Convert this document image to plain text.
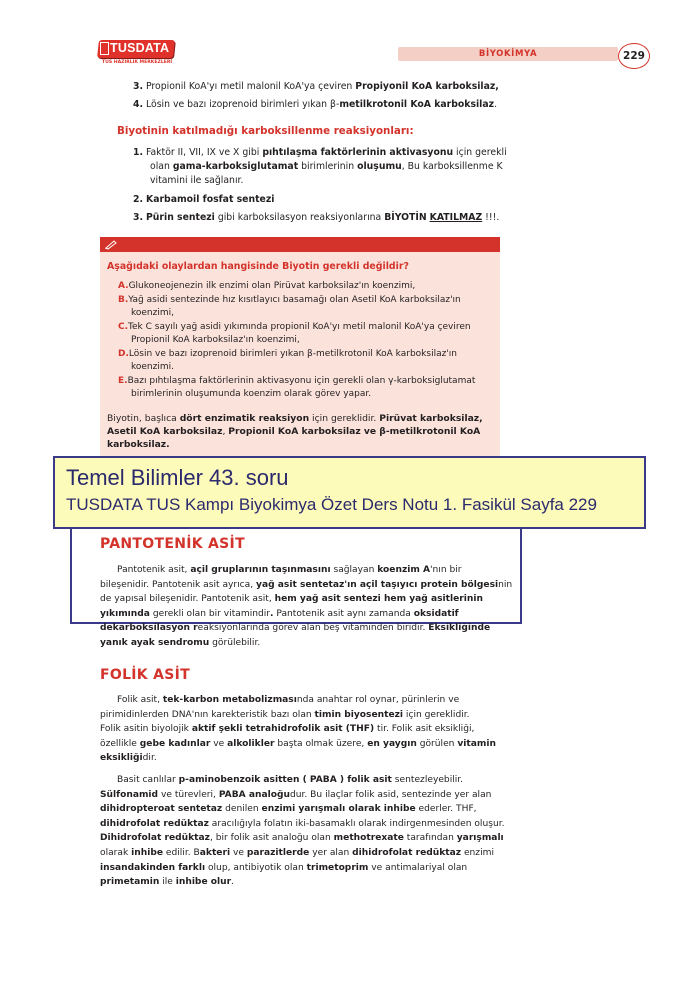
TUSDATA
TUS HAZIRLIK MERKEZLERİ
BİYOKİMYA	229
3. Propionil KoA'yı metil malonil KoA'ya çeviren Propiyonil KoA karboksilaz,
4. Lösin ve bazı izoprenoid birimleri yıkan β-metilkrotonil KoA karboksilaz.
Biyotinin katılmadığı karboksillenme reaksiyonları:
1. Faktör II, VII, IX ve X gibi pıhtılaşma faktörlerinin aktivasyonu için gerekli
olan gama-karboksiglutamat birimlerinin oluşumu, Bu karboksillenme K
vitamini ile sağlanır.
2. Karbamoil fosfat sentezi
3. Pürin sentezi gibi karboksilasyon reaksiyonlarına BİYOTİN KATILMAZ !!!.
Aşağıdaki olaylardan hangisinde Biyotin gerekli değildir?
A.Glukoneojenezin ilk enzimi olan Pirüvat karboksilaz'ın koenzimi,
B.Yağ asidi sentezinde hız kısıtlayıcı basamağı olan Asetil KoA karboksilaz'ın
koenzimi,
C.Tek C sayılı yağ asidi yıkımında propionil KoA'yı metil malonil KoA'ya çeviren
Propionil KoA karboksilaz'ın koenzimi,
D.Lösin ve bazı izoprenoid birimleri yıkan β-metilkrotonil KoA karboksilaz'ın
koenzimi.
E.Bazı pıhtılaşma faktörlerinin aktivasyonu için gerekli olan γ-karboksiglutamat
birimlerinin oluşumunda koenzim olarak görev yapar.
Biyotin, başlıca dört enzimatik reaksiyon için gereklidir. Pirüvat karboksilaz,
Asetil KoA karboksilaz, Propionil KoA karboksilaz ve β-metilkrotonil KoA
karboksilaz.
PANTOTENİK ASİT
Pantotenik asit, açil gruplarının taşınmasını sağlayan koenzim A'nın bir
bileşenidir. Pantotenik asit ayrıca, yağ asit sentetaz'ın açil taşıyıcı protein bölgesinin
de yapısal bileşenidir. Pantotenik asit, hem yağ asit sentezi hem yağ asitlerinin
yıkımında gerekli olan bir vitamindir. Pantotenik asit aynı zamanda oksidatif
dekarboksilasyon reaksiyonlarında görev alan beş vitaminden biridir. Eksikliğinde
yanık ayak sendromu görülebilir.
FOLİK ASİT
Folik asit, tek-karbon metabolizmasında anahtar rol oynar, pürinlerin ve
pirimidinlerden DNA'nın karekteristik bazı olan timin biyosentezi için gereklidir.
Folik asitin biyolojik aktif şekli tetrahidrofolik asit (THF) tir. Folik asit eksikliği,
özellikle gebe kadınlar ve alkolikler başta olmak üzere, en yaygın görülen vitamin
eksikliğidir.
Basit canlılar p-aminobenzoik asitten ( PABA ) folik asit sentezleyebilir.
Sülfonamid ve türevleri, PABA analoğudur. Bu ilaçlar folik asid, sentezinde yer alan
dihidropteroat sentetaz denilen enzimi yarışmalı olarak inhibe ederler. THF,
dihidrofolat redüktaz aracılığıyla folatın iki-basamaklı olarak indirgenmesinden oluşur.
Dihidrofolat redüktaz, bir folik asit analoğu olan methotrexate tarafından yarışmalı
olarak inhibe edilir. Bakteri ve parazitlerde yer alan dihidrofolat redüktaz enzimi
insandakinden farklı olup, antibiyotik olan trimetoprim ve antimalariyal olan
primetamin ile inhibe olur.
Temel Bilimler 43. soru
TUSDATA TUS Kampı Biyokimya Özet Ders Notu 1. Fasikül Sayfa 229
